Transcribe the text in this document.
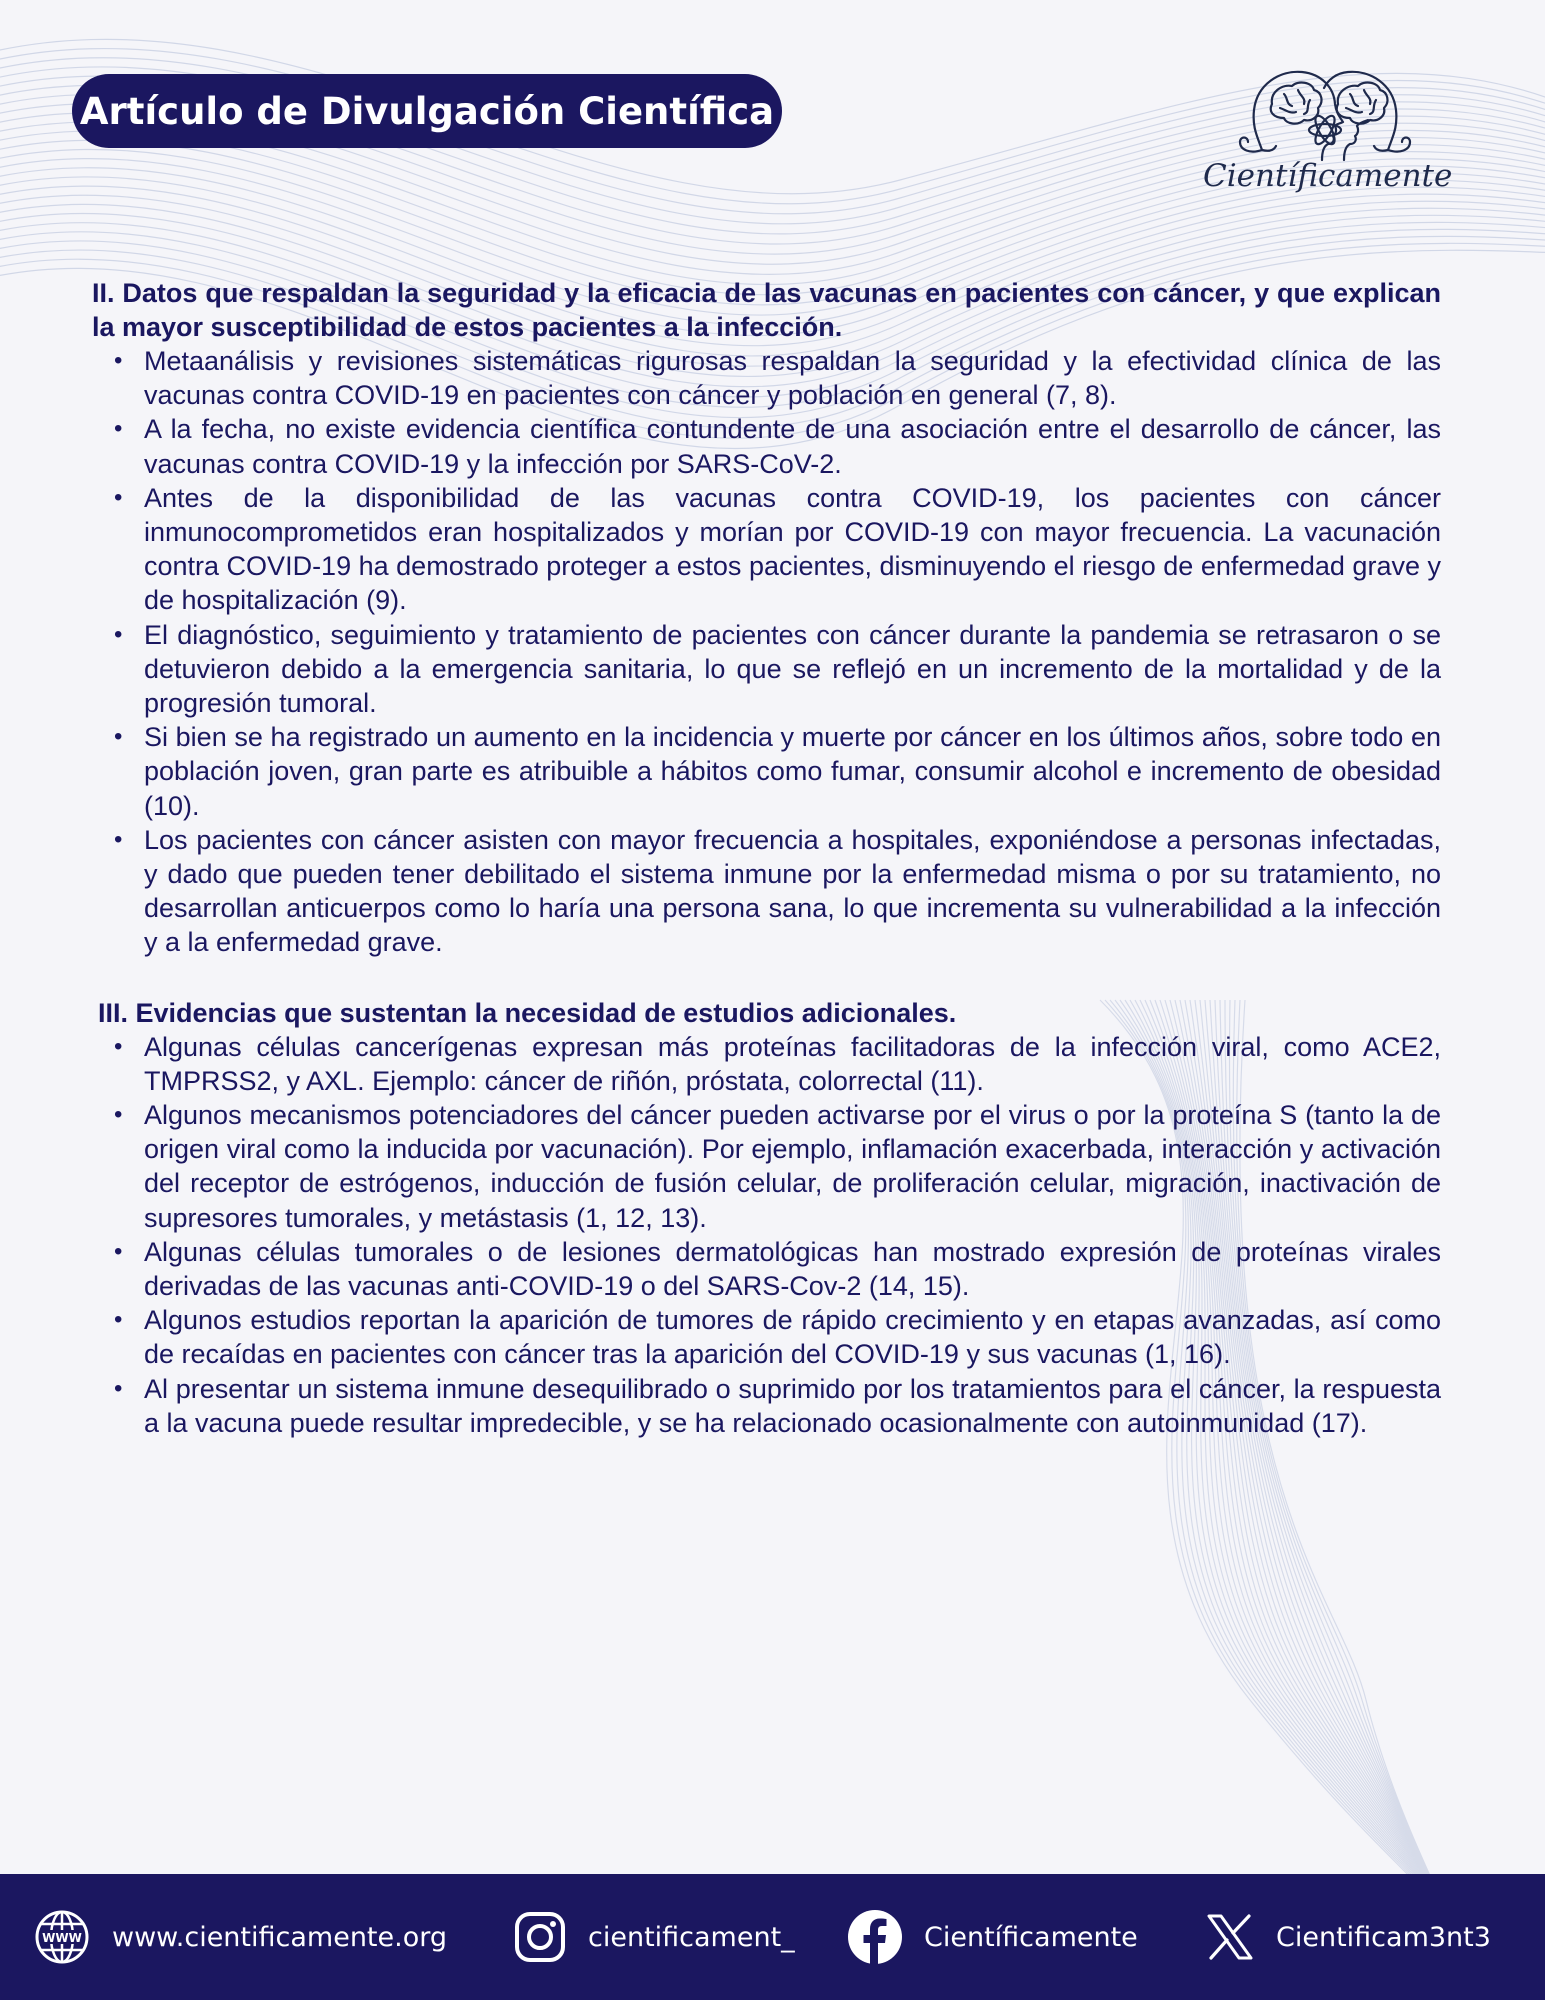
Artículo de Divulgación Científica
Científicamente
II. Datos que respaldan la seguridad y la eficacia de las vacunas en pacientes con cáncer, y que explican la mayor susceptibilidad de estos pacientes a la infección.
• Metaanálisis y revisiones sistemáticas rigurosas respaldan la seguridad y la efectividad clínica de las vacunas contra COVID-19 en pacientes con cáncer y población en general (7, 8).
• A la fecha, no existe evidencia científica contundente de una asociación entre el desarrollo de cáncer, las vacunas contra COVID-19 y la infección por SARS-CoV-2.
• Antes de la disponibilidad de las vacunas contra COVID-19, los pacientes con cáncer inmunocomprometidos eran hospitalizados y morían por COVID-19 con mayor frecuencia. La vacunación contra COVID-19 ha demostrado proteger a estos pacientes, disminuyendo el riesgo de enfermedad grave y de hospitalización (9).
• El diagnóstico, seguimiento y tratamiento de pacientes con cáncer durante la pandemia se retrasaron o se detuvieron debido a la emergencia sanitaria, lo que se reflejó en un incremento de la mortalidad y de la progresión tumoral.
• Si bien se ha registrado un aumento en la incidencia y muerte por cáncer en los últimos años, sobre todo en población joven, gran parte es atribuible a hábitos como fumar, consumir alcohol e incremento de obesidad (10).
• Los pacientes con cáncer asisten con mayor frecuencia a hospitales, exponiéndose a personas infectadas, y dado que pueden tener debilitado el sistema inmune por la enfermedad misma o por su tratamiento, no desarrollan anticuerpos como lo haría una persona sana, lo que incrementa su vulnerabilidad a la infección y a la enfermedad grave.
III. Evidencias que sustentan la necesidad de estudios adicionales.
• Algunas células cancerígenas expresan más proteínas facilitadoras de la infección viral, como ACE2, TMPRSS2, y AXL. Ejemplo: cáncer de riñón, próstata, colorrectal (11).
• Algunos mecanismos potenciadores del cáncer pueden activarse por el virus o por la proteína S (tanto la de origen viral como la inducida por vacunación). Por ejemplo, inflamación exacerbada, interacción y activación del receptor de estrógenos, inducción de fusión celular, de proliferación celular, migración, inactivación de supresores tumorales, y metástasis (1, 12, 13).
• Algunas células tumorales o de lesiones dermatológicas han mostrado expresión de proteínas virales derivadas de las vacunas anti-COVID-19 o del SARS-Cov-2 (14, 15).
• Algunos estudios reportan la aparición de tumores de rápido crecimiento y en etapas avanzadas, así como de recaídas en pacientes con cáncer tras la aparición del COVID-19 y sus vacunas (1, 16).
• Al presentar un sistema inmune desequilibrado o suprimido por los tratamientos para el cáncer, la respuesta a la vacuna puede resultar impredecible, y se ha relacionado ocasionalmente con autoinmunidad (17).
WWW www.cientificamente.org	cientificament_	Científicamente	Cientificam3nt3
